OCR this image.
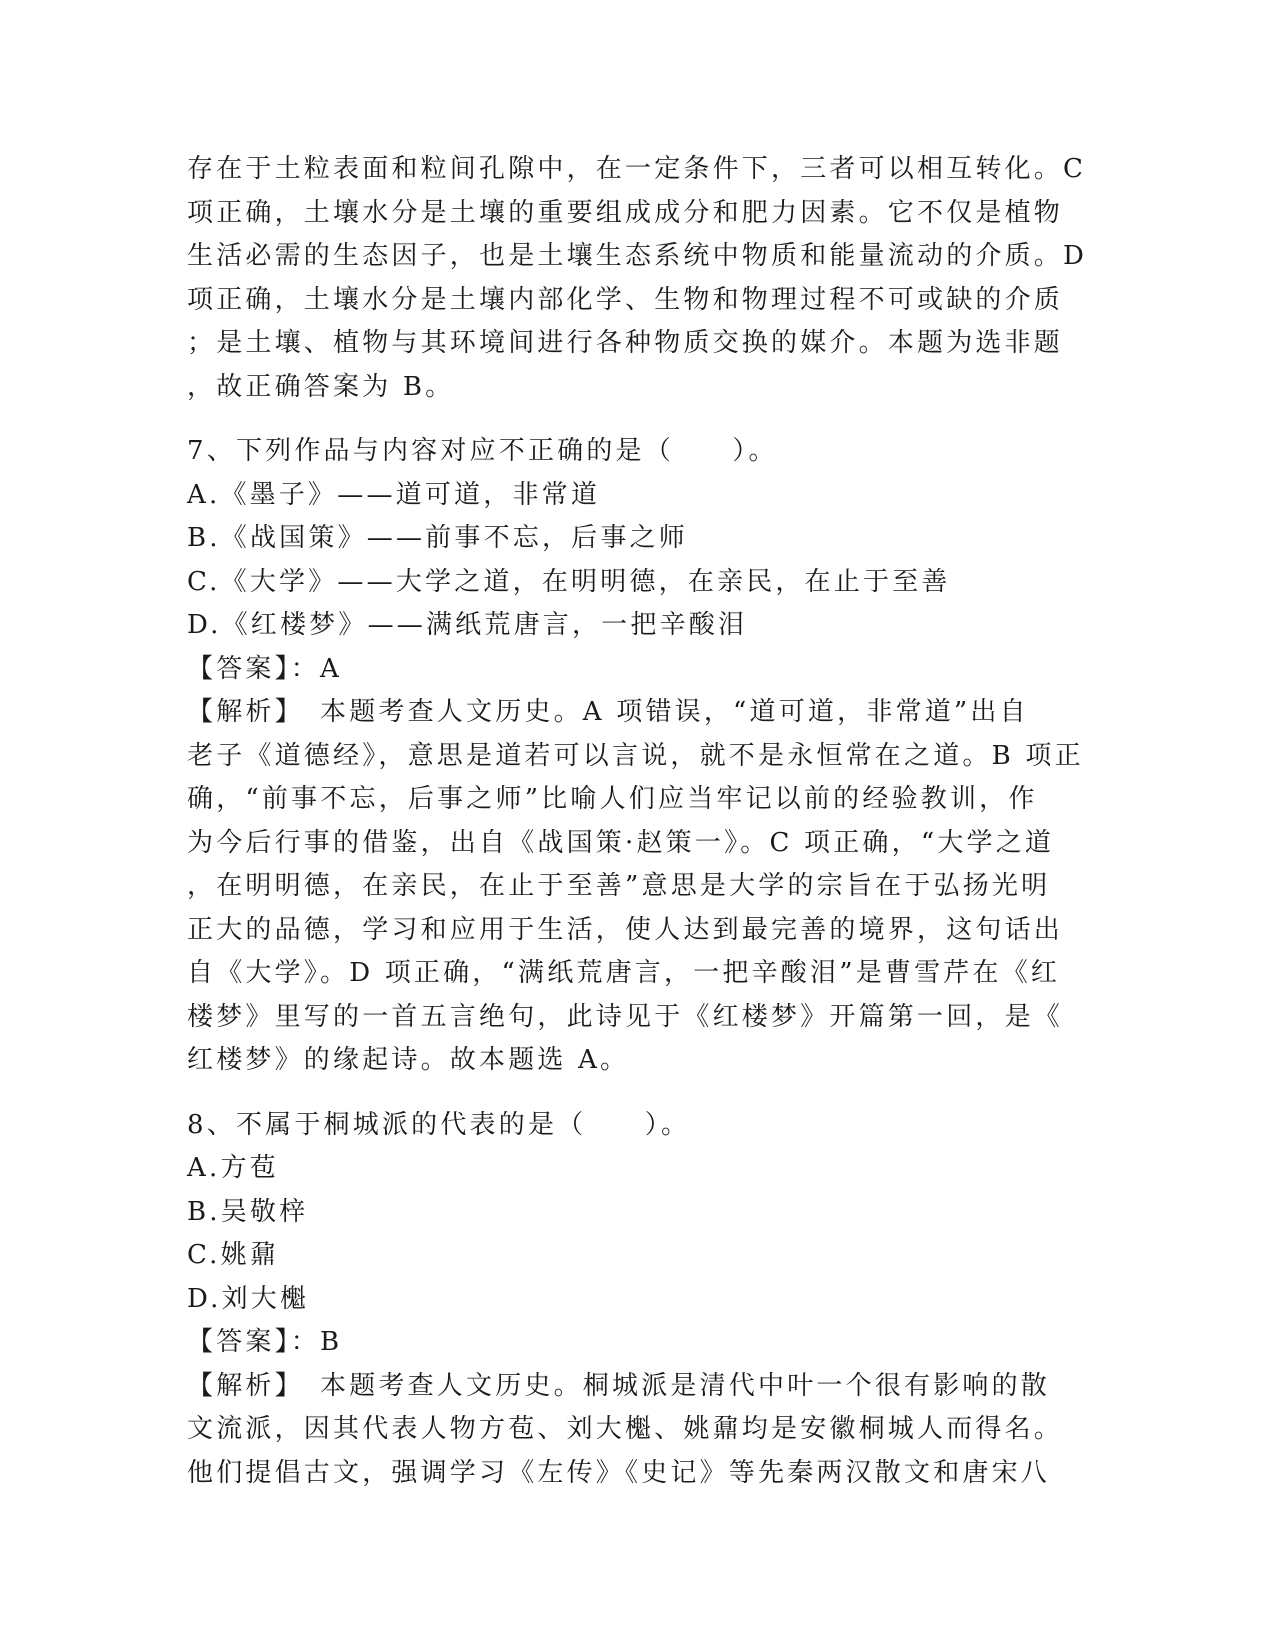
存在于土粒表面和粒间孔隙中，在一定条件下，三者可以相互转化。C
项正确，土壤水分是土壤的重要组成成分和肥力因素。它不仅是植物
生活必需的生态因子，也是土壤生态系统中物质和能量流动的介质。D
项正确，土壤水分是土壤内部化学、生物和物理过程不可或缺的介质
；是土壤、植物与其环境间进行各种物质交换的媒介。本题为选非题
，故正确答案为 B。
7、下列作品与内容对应不正确的是（　　）。
A.《墨子》——道可道，非常道
B.《战国策》——前事不忘，后事之师
C.《大学》——大学之道，在明明德，在亲民，在止于至善
D.《红楼梦》——满纸荒唐言，一把辛酸泪
【答案】：A
【解析】　本题考查人文历史。A 项错误，“道可道，非常道”出自
老子《道德经》，意思是道若可以言说，就不是永恒常在之道。B 项正
确，“前事不忘，后事之师”比喻人们应当牢记以前的经验教训，作
为今后行事的借鉴，出自《战国策·赵策一》。C 项正确，“大学之道
，在明明德，在亲民，在止于至善”意思是大学的宗旨在于弘扬光明
正大的品德，学习和应用于生活，使人达到最完善的境界，这句话出
自《大学》。D 项正确，“满纸荒唐言，一把辛酸泪”是曹雪芹在《红
楼梦》里写的一首五言绝句，此诗见于《红楼梦》开篇第一回，是《
红楼梦》的缘起诗。故本题选 A。
8、不属于桐城派的代表的是（　　）。
A.方苞
B.吴敬梓
C.姚鼐
D.刘大櫆
【答案】：B
【解析】　本题考查人文历史。桐城派是清代中叶一个很有影响的散
文流派，因其代表人物方苞、刘大櫆、姚鼐均是安徽桐城人而得名。
他们提倡古文，强调学习《左传》《史记》等先秦两汉散文和唐宋八
